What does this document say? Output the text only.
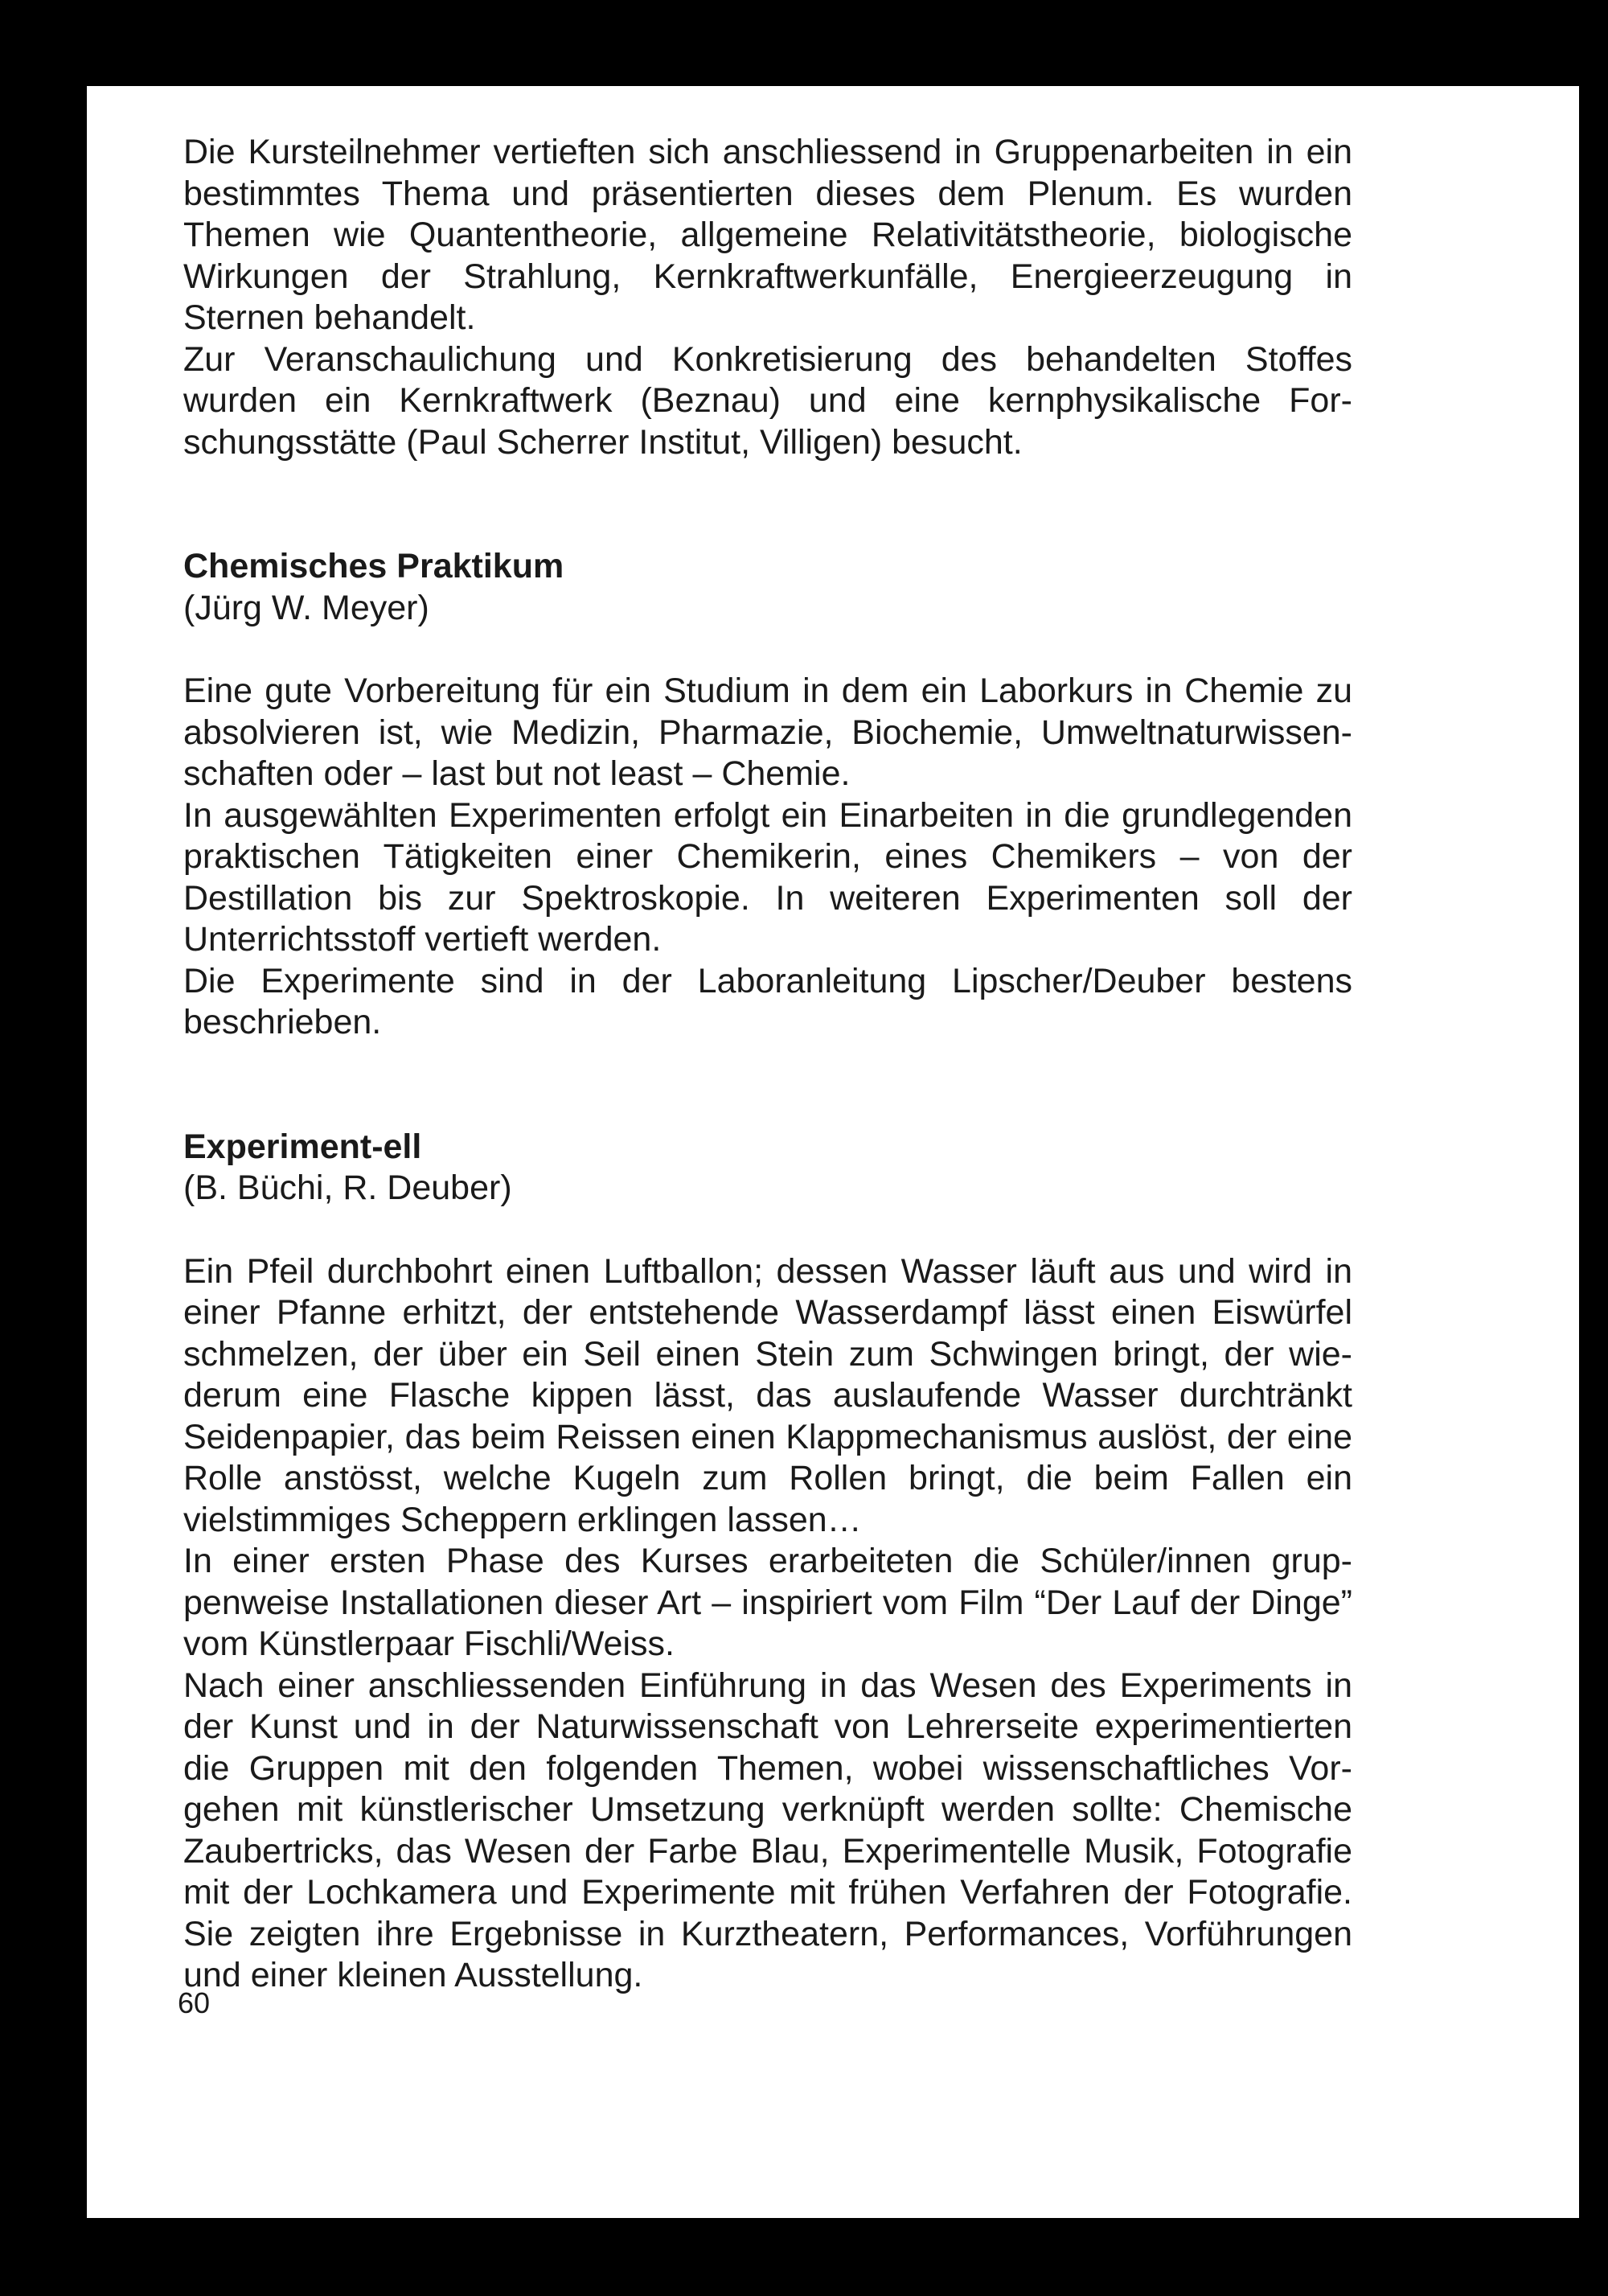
Die Kursteilnehmer vertieften sich anschliessend in Gruppenarbeiten in ein bestimmtes Thema und präsentierten dieses dem Plenum. Es wurden Themen wie Quantentheorie, allgemeine Relativitätstheorie, biologische Wirkungen der Strahlung, Kernkraftwerkunfälle, Energieerzeugung in Sternen behandelt.

Zur Veranschaulichung und Konkretisierung des behandelten Stoffes wurden ein Kernkraftwerk (Beznau) und eine kernphysikalische Forschungsstätte (Paul Scherrer Institut, Villigen) besucht.

Chemisches Praktikum

(Jürg W. Meyer)

Eine gute Vorbereitung für ein Studium in dem ein Laborkurs in Chemie zu absolvieren ist, wie Medizin, Pharmazie, Biochemie, Umweltnaturwissenschaften oder – last but not least – Chemie.

In ausgewählten Experimenten erfolgt ein Einarbeiten in die grundlegenden praktischen Tätigkeiten einer Chemikerin, eines Chemikers – von der Destillation bis zur Spektroskopie. In weiteren Experimenten soll der Unterrichtsstoff vertieft werden.

Die Experimente sind in der Laboranleitung Lipscher/Deuber bestens beschrieben.

Experiment-ell

(B. Büchi, R. Deuber)

Ein Pfeil durchbohrt einen Luftballon; dessen Wasser läuft aus und wird in einer Pfanne erhitzt, der entstehende Wasserdampf lässt einen Eiswürfel schmelzen, der über ein Seil einen Stein zum Schwingen bringt, der wiederum eine Flasche kippen lässt, das auslaufende Wasser durchtränkt Seidenpapier, das beim Reissen einen Klappmechanismus auslöst, der eine Rolle anstösst, welche Kugeln zum Rollen bringt, die beim Fallen ein vielstimmiges Scheppern erklingen lassen…

In einer ersten Phase des Kurses erarbeiteten die Schüler/innen gruppenweise Installationen dieser Art – inspiriert vom Film “Der Lauf der Dinge” vom Künstlerpaar Fischli/Weiss.

Nach einer anschliessenden Einführung in das Wesen des Experiments in der Kunst und in der Naturwissenschaft von Lehrerseite experimentierten die Gruppen mit den folgenden Themen, wobei wissenschaftliches Vorgehen mit künstlerischer Umsetzung verknüpft werden sollte: Chemische Zaubertricks, das Wesen der Farbe Blau, Experimentelle Musik, Fotografie mit der Lochkamera und Experimente mit frühen Verfahren der Fotografie. Sie zeigten ihre Ergebnisse in Kurztheatern, Performances, Vorführungen und einer kleinen Ausstellung.

60
